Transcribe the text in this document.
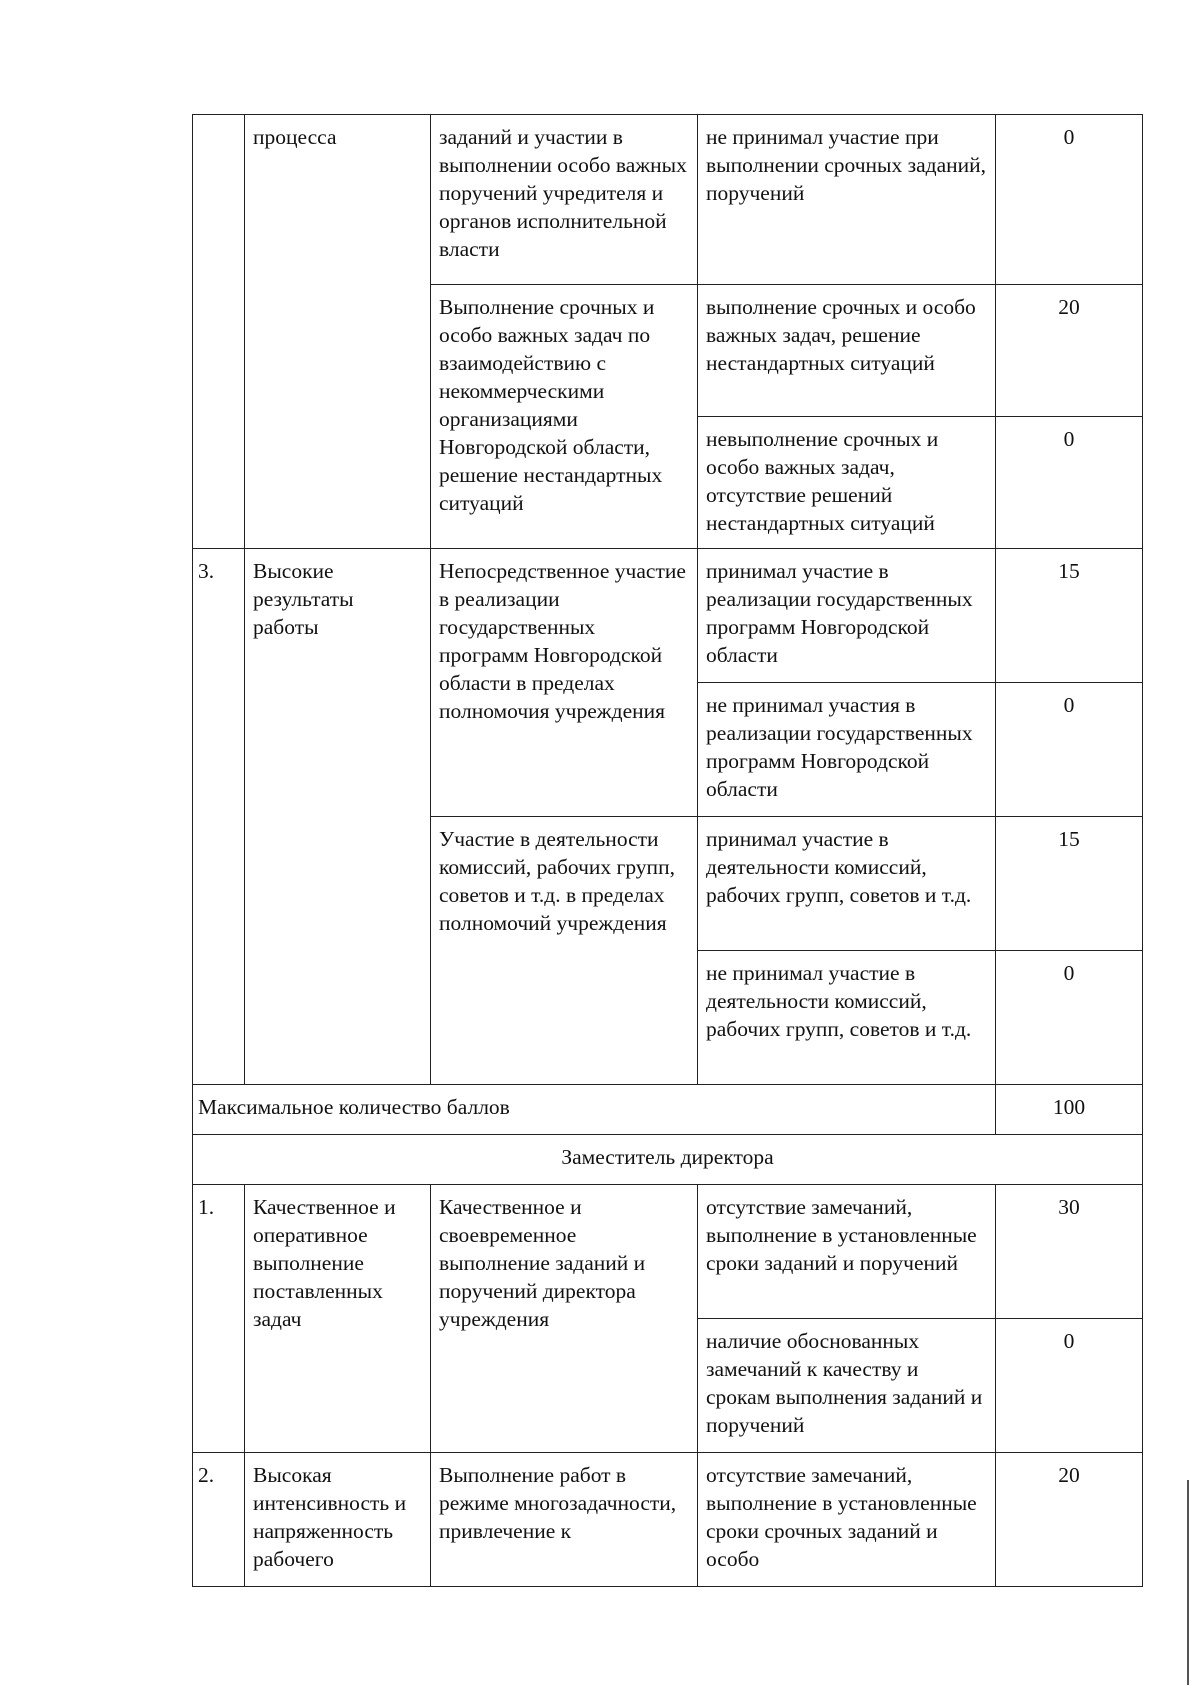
	процесса	заданий и участии в выполнении особо важных поручений учредителя и органов исполнительной власти	не принимал участие при выполнении срочных заданий, поручений	0
		Выполнение срочных и особо важных задач по взаимодействию с некоммерческими организациями Новгородской области, решение нестандартных ситуаций	выполнение срочных и особо важных задач, решение нестандартных ситуаций	20
			невыполнение срочных и особо важных задач, отсутствие решений нестандартных ситуаций	0
3.	Высокие результаты работы	Непосредственное участие в реализации государственных программ Новгородской области в пределах полномочия учреждения	принимал участие в реализации государственных программ Новгородской области	15
			не принимал участия в реализации государственных программ Новгородской области	0
		Участие в деятельности комиссий, рабочих групп, советов и т.д. в пределах полномочий учреждения	принимал участие в деятельности комиссий, рабочих групп, советов и т.д.	15
			не принимал участие в деятельности комиссий, рабочих групп, советов и т.д.	0
Максимальное количество баллов				100
Заместитель директора				
1.	Качественное и оперативное выполнение поставленных задач	Качественное и своевременное выполнение заданий и поручений директора учреждения	отсутствие замечаний, выполнение в установленные сроки заданий и поручений	30
			наличие обоснованных замечаний к качеству и срокам выполнения заданий и поручений	0
2.	Высокая интенсивность и напряженность рабочего	Выполнение работ в режиме многозадачности, привлечение к	отсутствие замечаний, выполнение в установленные сроки срочных заданий и особо	20
